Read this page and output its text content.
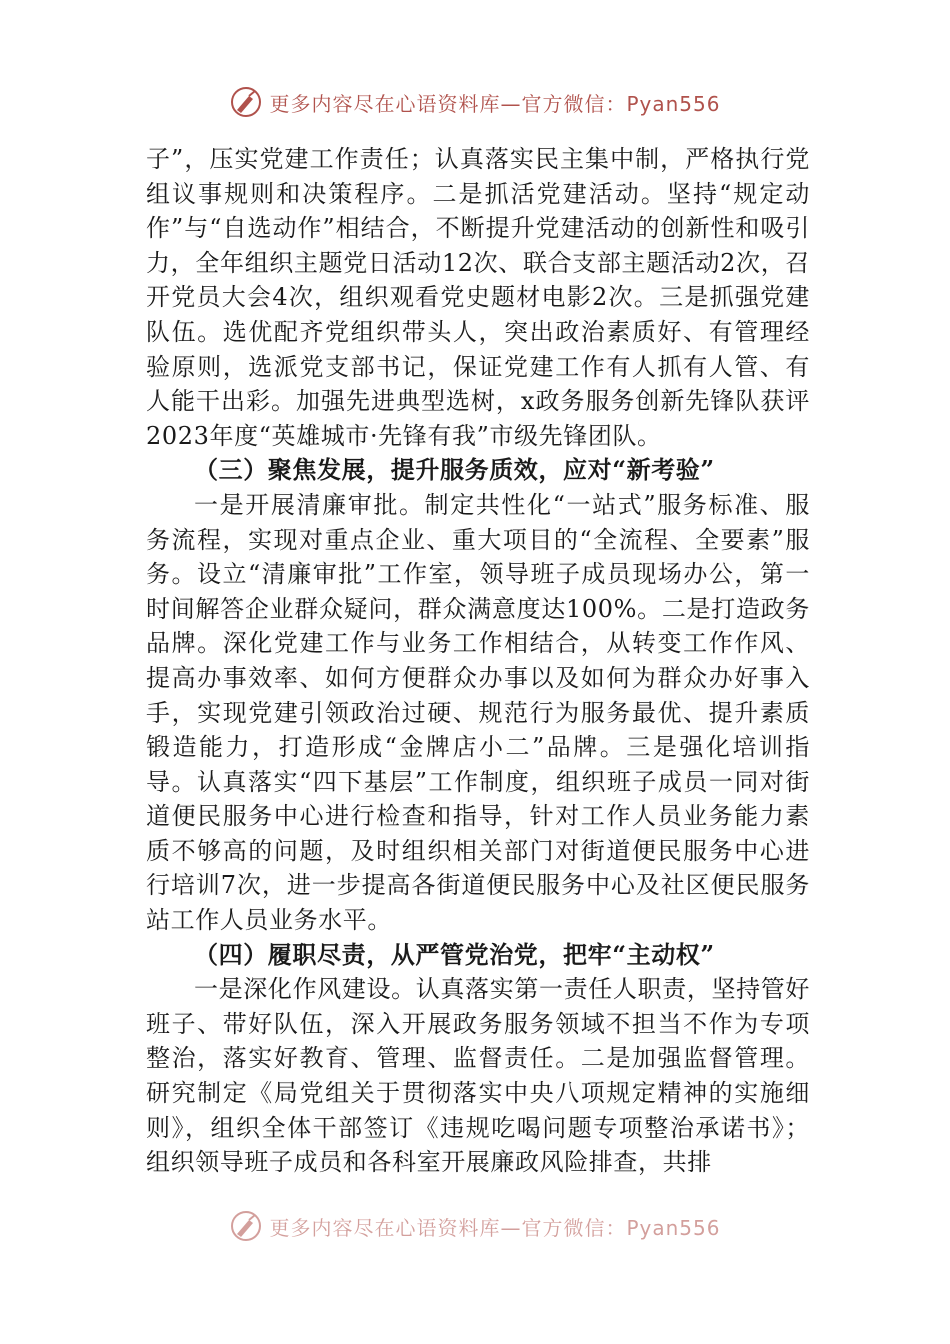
更多内容尽在心语资料库—官方微信：Pyan556

子”，压实党建工作责任；认真落实民主集中制，严格执行党组议事规则和决策程序。二是抓活党建活动。坚持“规定动作”与“自选动作”相结合，不断提升党建活动的创新性和吸引力，全年组织主题党日活动12次、联合支部主题活动2次，召开党员大会4次，组织观看党史题材电影2次。三是抓强党建队伍。选优配齐党组织带头人，突出政治素质好、有管理经验原则，选派党支部书记，保证党建工作有人抓有人管、有人能干出彩。加强先进典型选树，x政务服务创新先锋队获评2023年度“英雄城市·先锋有我”市级先锋团队。

（三）聚焦发展，提升服务质效，应对“新考验”

一是开展清廉审批。制定共性化“一站式”服务标准、服务流程，实现对重点企业、重大项目的“全流程、全要素”服务。设立“清廉审批”工作室，领导班子成员现场办公，第一时间解答企业群众疑问，群众满意度达100%。二是打造政务品牌。深化党建工作与业务工作相结合，从转变工作作风、提高办事效率、如何方便群众办事以及如何为群众办好事入手，实现党建引领政治过硬、规范行为服务最优、提升素质锻造能力，打造形成“金牌店小二”品牌。三是强化培训指导。认真落实“四下基层”工作制度，组织班子成员一同对街道便民服务中心进行检查和指导，针对工作人员业务能力素质不够高的问题，及时组织相关部门对街道便民服务中心进行培训7次，进一步提高各街道便民服务中心及社区便民服务站工作人员业务水平。

（四）履职尽责，从严管党治党，把牢“主动权”

一是深化作风建设。认真落实第一责任人职责，坚持管好班子、带好队伍，深入开展政务服务领域不担当不作为专项整治，落实好教育、管理、监督责任。二是加强监督管理。研究制定《局党组关于贯彻落实中央八项规定精神的实施细则》，组织全体干部签订《违规吃喝问题专项整治承诺书》；组织领导班子成员和各科室开展廉政风险排查，共排

更多内容尽在心语资料库—官方微信：Pyan556
